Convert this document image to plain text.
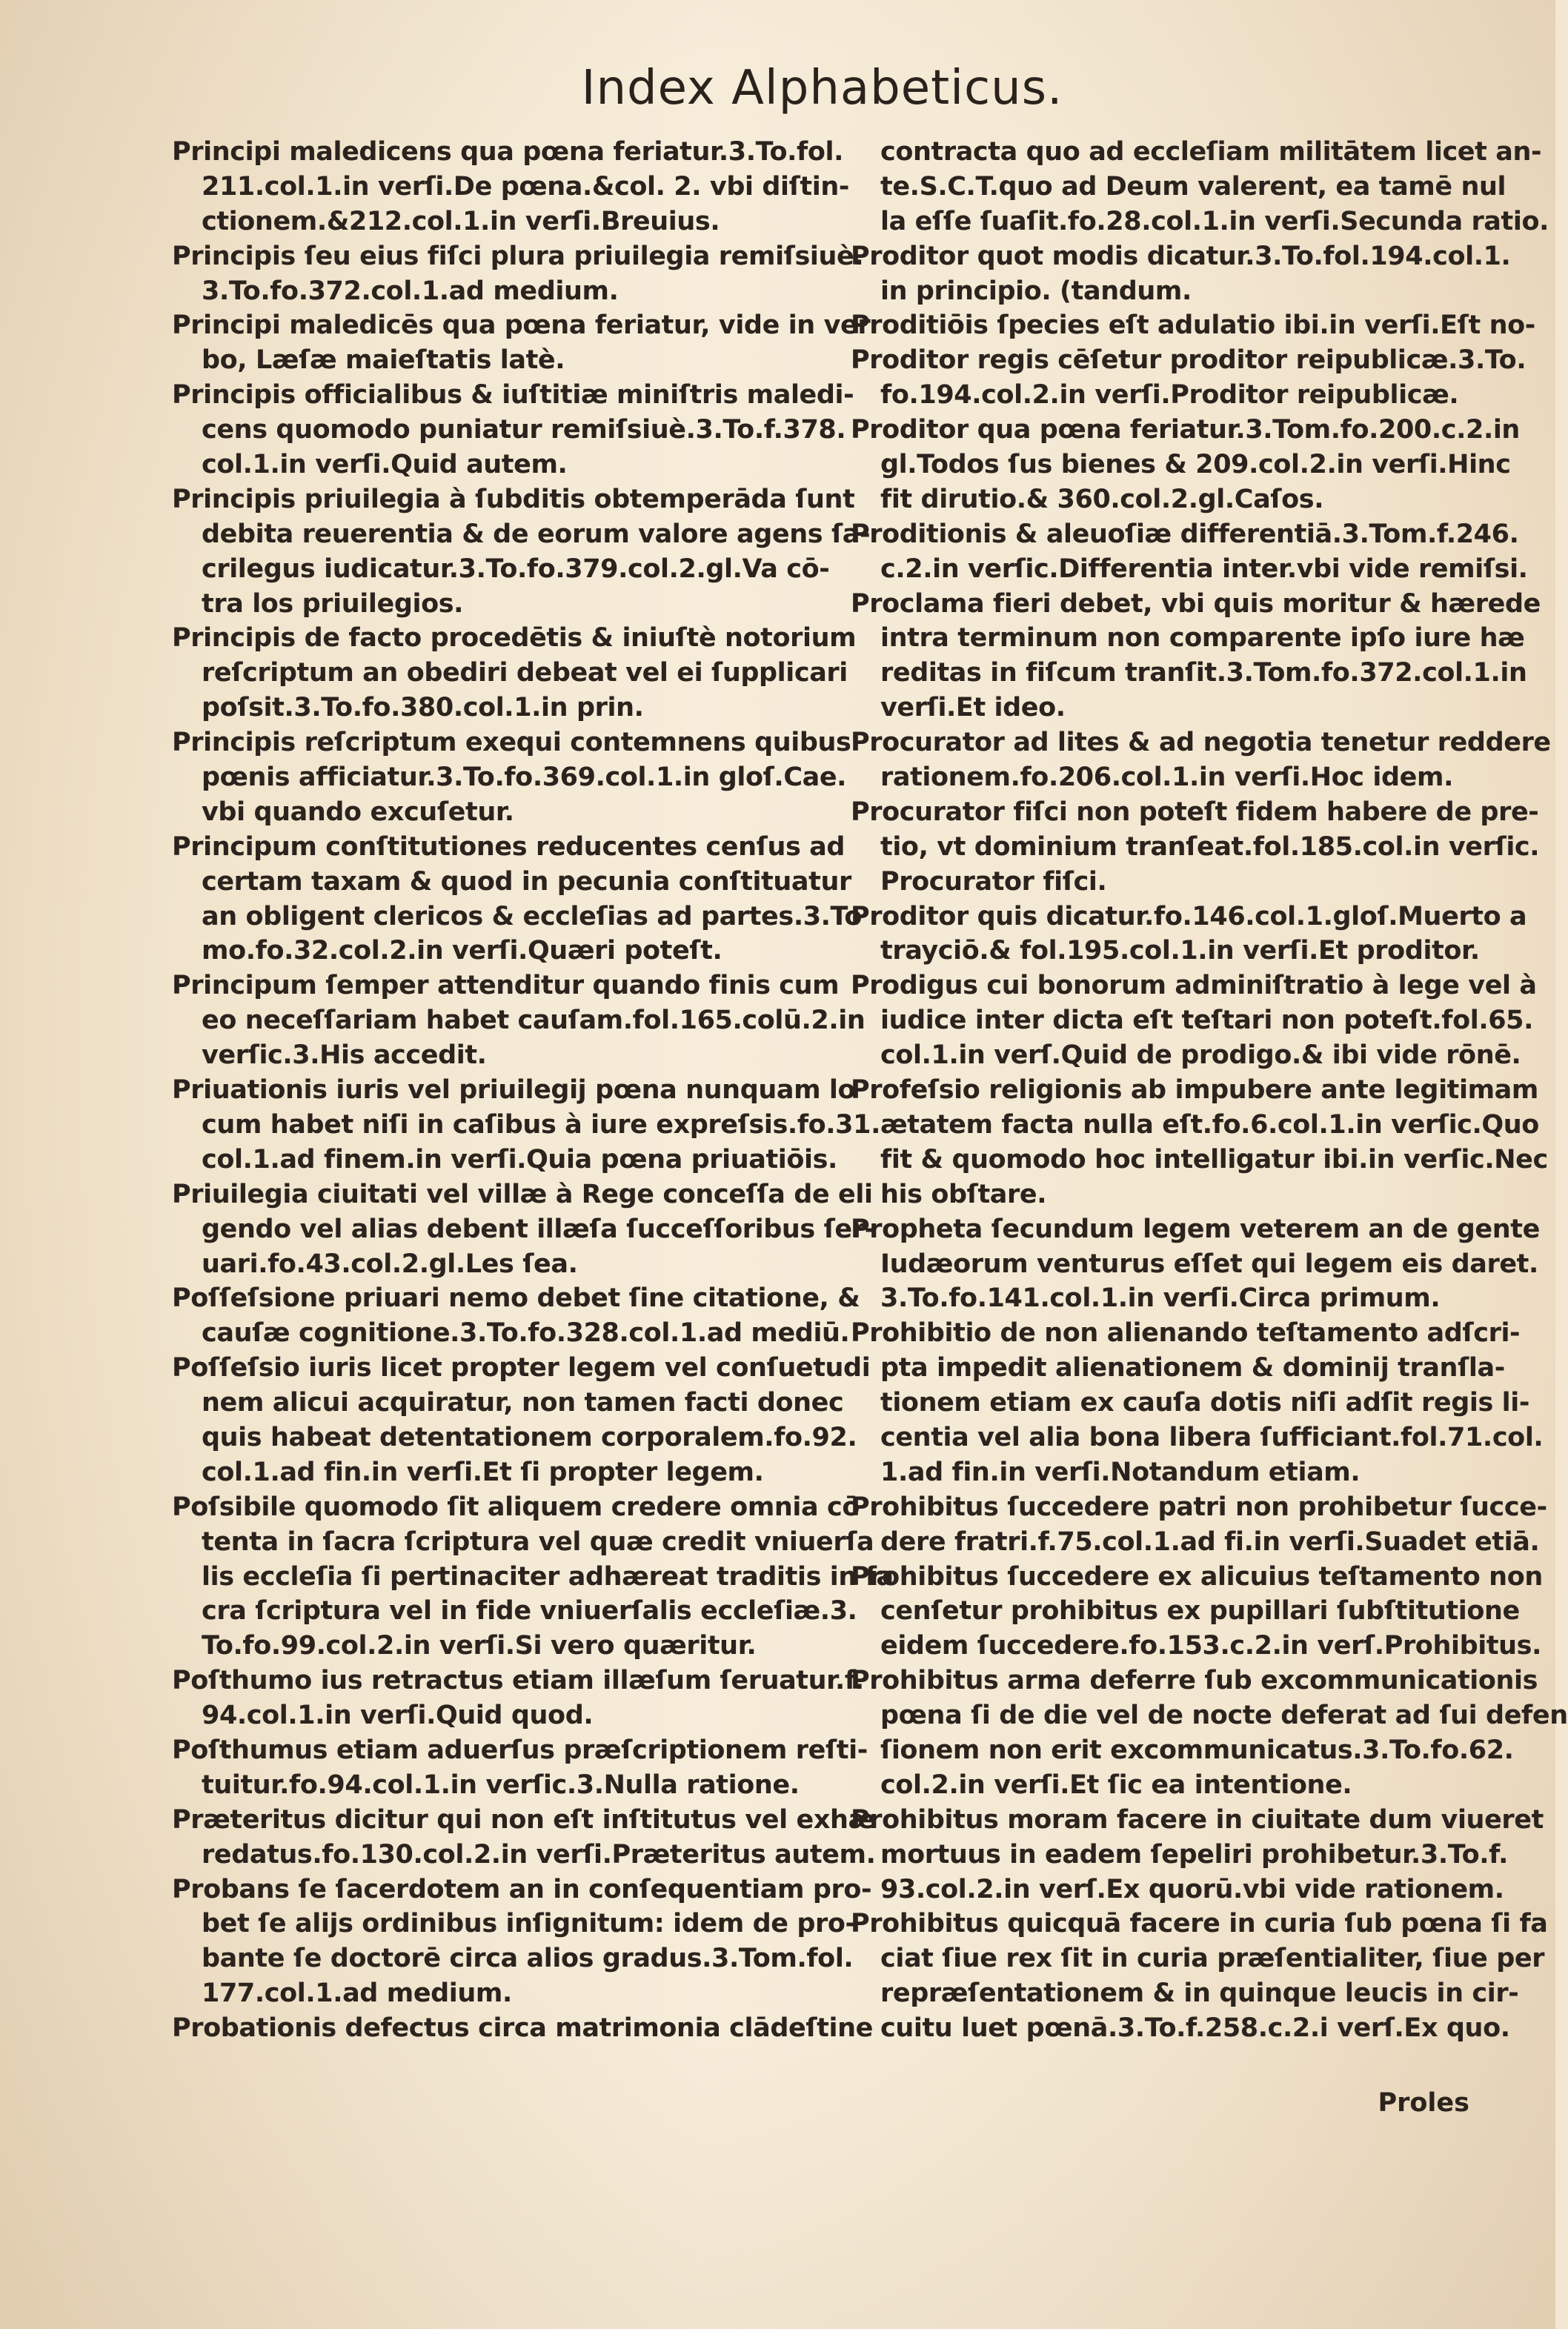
Index Alphabeticus.
Principi maledicens qua pœna feriatur.3.To.fol.
211.col.1.in verſi.De pœna.&col. 2. vbi diſtin-
ctionem.&212.col.1.in verſi.Breuius.
Principis ſeu eius fiſci plura priuilegia remiſsiuè.
3.To.fo.372.col.1.ad medium.
Principi maledicēs qua pœna feriatur, vide in ver
bo, Læſæ maieſtatis latè.
Principis officialibus & iuſtitiæ miniſtris maledi-
cens quomodo puniatur remiſsiuè.3.To.f.378.
col.1.in verſi.Quid autem.
Principis priuilegia à ſubditis obtemperāda ſunt
debita reuerentia & de eorum valore agens ſa-
crilegus iudicatur.3.To.fo.379.col.2.gl.Va cō-
tra los priuilegios.
Principis de facto procedētis & iniuſtè notorium
reſcriptum an obediri debeat vel ei ſupplicari
poſsit.3.To.fo.380.col.1.in prin.
Principis reſcriptum exequi contemnens quibus
pœnis afficiatur.3.To.fo.369.col.1.in gloſ.Cae.
vbi quando excuſetur.
Principum conſtitutiones reducentes cenſus ad
certam taxam & quod in pecunia conſtituatur
an obligent clericos & eccleſias ad partes.3.To
mo.fo.32.col.2.in verſi.Quæri poteſt.
Principum ſemper attenditur quando finis cum
eo neceſſariam habet cauſam.fol.165.colū.2.in
verſic.3.His accedit.
Priuationis iuris vel priuilegij pœna nunquam lo
cum habet niſi in caſibus à iure expreſsis.fo.31.
col.1.ad finem.in verſi.Quia pœna priuatiōis.
Priuilegia ciuitati vel villæ à Rege conceſſa de eli
gendo vel alias debent illæſa ſucceſſoribus ſer-
uari.fo.43.col.2.gl.Les ſea.
Poſſeſsione priuari nemo debet ſine citatione, &
cauſæ cognitione.3.To.fo.328.col.1.ad mediū.
Poſſeſsio iuris licet propter legem vel conſuetudi
nem alicui acquiratur, non tamen facti donec
quis habeat detentationem corporalem.fo.92.
col.1.ad fin.in verſi.Et ſi propter legem.
Poſsibile quomodo ſit aliquem credere omnia cō
tenta in ſacra ſcriptura vel quæ credit vniuerſa
lis eccleſia ſi pertinaciter adhæreat traditis in ſa
cra ſcriptura vel in fide vniuerſalis eccleſiæ.3.
To.fo.99.col.2.in verſi.Si vero quæritur.
Poſthumo ius retractus etiam illæſum ſeruatur.f.
94.col.1.in verſi.Quid quod.
Poſthumus etiam aduerſus præſcriptionem reſti-
tuitur.fo.94.col.1.in verſic.3.Nulla ratione.
Præteritus dicitur qui non eſt inſtitutus vel exhæ
redatus.fo.130.col.2.in verſi.Præteritus autem.
Probans ſe ſacerdotem an in conſequentiam pro-
bet ſe alijs ordinibus inſignitum: idem de pro-
bante ſe doctorē circa alios gradus.3.Tom.fol.
177.col.1.ad medium.
Probationis defectus circa matrimonia clādeſtine
contracta quo ad eccleſiam militātem licet an-
te.S.C.T.quo ad Deum valerent, ea tamē nul
la eſſe ſuaſit.fo.28.col.1.in verſi.Secunda ratio.
Proditor quot modis dicatur.3.To.fol.194.col.1.
in principio. (tandum.
Proditiōis ſpecies eſt adulatio ibi.in verſi.Eſt no-
Proditor regis cēſetur proditor reipublicæ.3.To.
fo.194.col.2.in verſi.Proditor reipublicæ.
Proditor qua pœna feriatur.3.Tom.fo.200.c.2.in
gl.Todos ſus bienes & 209.col.2.in verſi.Hinc
fit dirutio.& 360.col.2.gl.Caſos.
Proditionis & aleuoſiæ differentiā.3.Tom.f.246.
c.2.in verſic.Differentia inter.vbi vide remiſsi.
Proclama fieri debet, vbi quis moritur & hærede
intra terminum non comparente ipſo iure hæ
reditas in fiſcum tranſit.3.Tom.fo.372.col.1.in
verſi.Et ideo.
Procurator ad lites & ad negotia tenetur reddere
rationem.fo.206.col.1.in verſi.Hoc idem.
Procurator fiſci non poteſt fidem habere de pre-
tio, vt dominium tranſeat.fol.185.col.in verſic.
Procurator fiſci.
Proditor quis dicatur.fo.146.col.1.gloſ.Muerto a
trayciō.& fol.195.col.1.in verſi.Et proditor.
Prodigus cui bonorum adminiſtratio à lege vel à
iudice inter dicta eſt teſtari non poteſt.fol.65.
col.1.in verſ.Quid de prodigo.& ibi vide rōnē.
Profeſsio religionis ab impubere ante legitimam
ætatem facta nulla eſt.fo.6.col.1.in verſic.Quo
fit & quomodo hoc intelligatur ibi.in verſic.Nec
his obſtare.
Propheta ſecundum legem veterem an de gente
Iudæorum venturus eſſet qui legem eis daret.
3.To.fo.141.col.1.in verſi.Circa primum.
Prohibitio de non alienando teſtamento adſcri-
pta impedit alienationem & dominij tranſla-
tionem etiam ex cauſa dotis niſi adſit regis li-
centia vel alia bona libera ſufficiant.fol.71.col.
1.ad fin.in verſi.Notandum etiam.
Prohibitus ſuccedere patri non prohibetur ſucce-
dere fratri.f.75.col.1.ad fi.in verſi.Suadet etiā.
Prohibitus ſuccedere ex alicuius teſtamento non
cenſetur prohibitus ex pupillari ſubſtitutione
eidem ſuccedere.fo.153.c.2.in verſ.Prohibitus.
Prohibitus arma deferre ſub excommunicationis
pœna ſi de die vel de nocte deferat ad ſui defen
ſionem non erit excommunicatus.3.To.fo.62.
col.2.in verſi.Et ſic ea intentione.
Prohibitus moram facere in ciuitate dum viueret
mortuus in eadem ſepeliri prohibetur.3.To.f.
93.col.2.in verſ.Ex quorū.vbi vide rationem.
Prohibitus quicquā facere in curia ſub pœna ſi fa
ciat ſiue rex ſit in curia præſentialiter, ſiue per
repræſentationem & in quinque leucis in cir-
cuitu luet pœnā.3.To.f.258.c.2.i verſ.Ex quo.
Proles
